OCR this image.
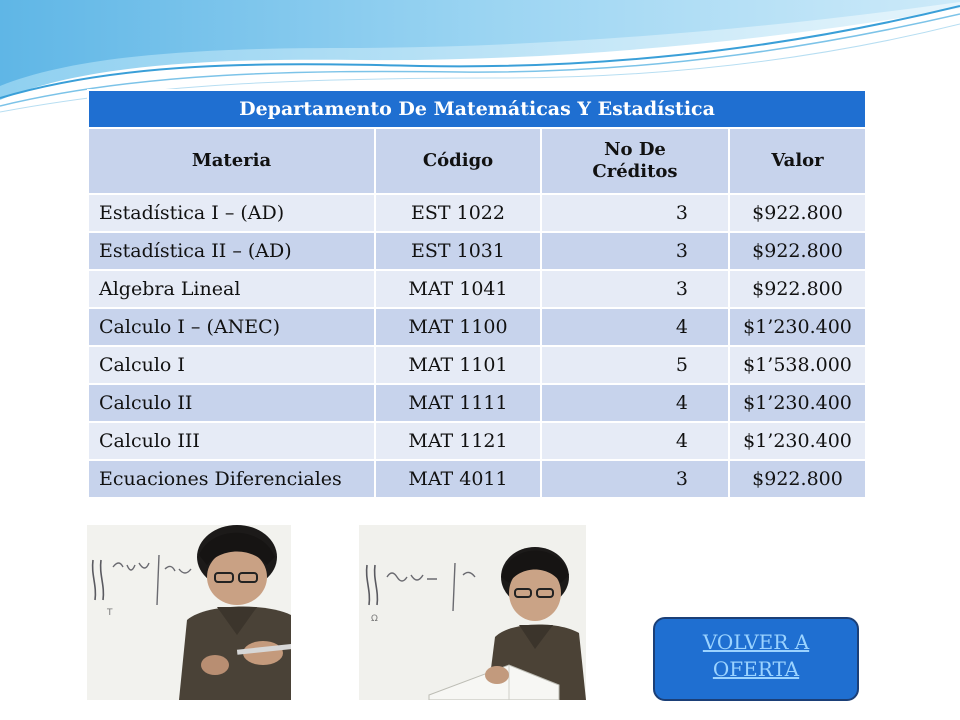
Departamento De Matemáticas Y Estadística			
Materia	Código	No De Créditos	Valor
Estadística I – (AD)	EST 1022	3	$922.800
Estadística II – (AD)	EST 1031	3	$922.800
Algebra Lineal	MAT 1041	3	$922.800
Calculo I – (ANEC)	MAT 1100	4	$1’230.400
Calculo I	MAT 1101	5	$1’538.000
Calculo II	MAT 1111	4	$1’230.400
Calculo III	MAT 1121	4	$1’230.400
Ecuaciones Diferenciales	MAT 4011	3	$922.800
T
Ω
VOLVER A
OFERTA
